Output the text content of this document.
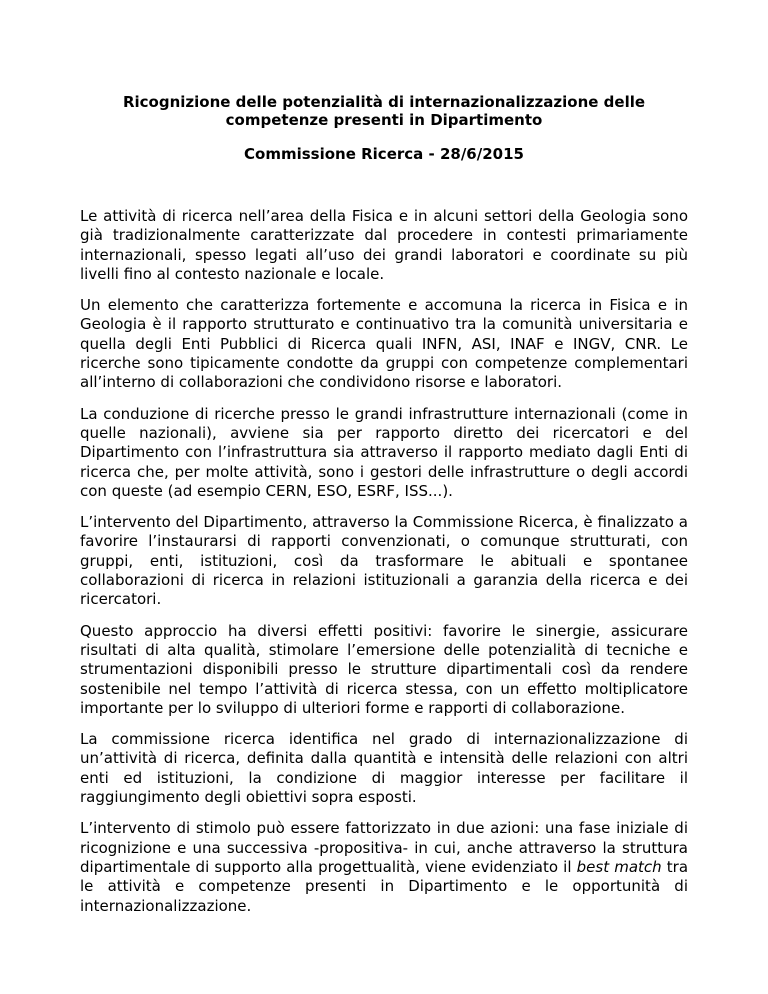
Ricognizione delle potenzialità di internazionalizzazione delle competenze presenti in Dipartimento

Commissione Ricerca - 28/6/2015

Le attività di ricerca nell’area della Fisica e in alcuni settori della Geologia sono già tradizionalmente caratterizzate dal procedere in contesti primariamente internazionali, spesso legati all’uso dei grandi laboratori e coordinate su più livelli fino al contesto nazionale e locale.

Un elemento che caratterizza fortemente e accomuna la ricerca in Fisica e in Geologia è il rapporto strutturato e continuativo tra la comunità universitaria e quella degli Enti Pubblici di Ricerca quali INFN, ASI, INAF e INGV, CNR. Le ricerche sono tipicamente condotte da gruppi con competenze complementari all’interno di collaborazioni che condividono risorse e laboratori.

La conduzione di ricerche presso le grandi infrastrutture internazionali (come in quelle nazionali), avviene sia per rapporto diretto dei ricercatori e del Dipartimento con l’infrastruttura sia attraverso il rapporto mediato dagli Enti di ricerca che, per molte attività, sono i gestori delle infrastrutture o degli accordi con queste (ad esempio CERN, ESO, ESRF, ISS...).

L’intervento del Dipartimento, attraverso la Commissione Ricerca, è finalizzato a favorire l’instaurarsi di rapporti convenzionati, o comunque strutturati, con gruppi, enti, istituzioni, così da trasformare le abituali e spontanee collaborazioni di ricerca in relazioni istituzionali a garanzia della ricerca e dei ricercatori.

Questo approccio ha diversi effetti positivi: favorire le sinergie, assicurare risultati di alta qualità, stimolare l’emersione delle potenzialità di tecniche e strumentazioni disponibili presso le strutture dipartimentali così da rendere sostenibile nel tempo l’attività di ricerca stessa, con un effetto moltiplicatore importante per lo sviluppo di ulteriori forme e rapporti di collaborazione.

La commissione ricerca identifica nel grado di internazionalizzazione di un’attività di ricerca, definita dalla quantità e intensità delle relazioni con altri enti ed istituzioni, la condizione di maggior interesse per facilitare il raggiungimento degli obiettivi sopra esposti.

L’intervento di stimolo può essere fattorizzato in due azioni: una fase iniziale di ricognizione e una successiva -propositiva- in cui, anche attraverso la struttura dipartimentale di supporto alla progettualità, viene evidenziato il best match tra le attività e competenze presenti in Dipartimento e le opportunità di internazionalizzazione.
